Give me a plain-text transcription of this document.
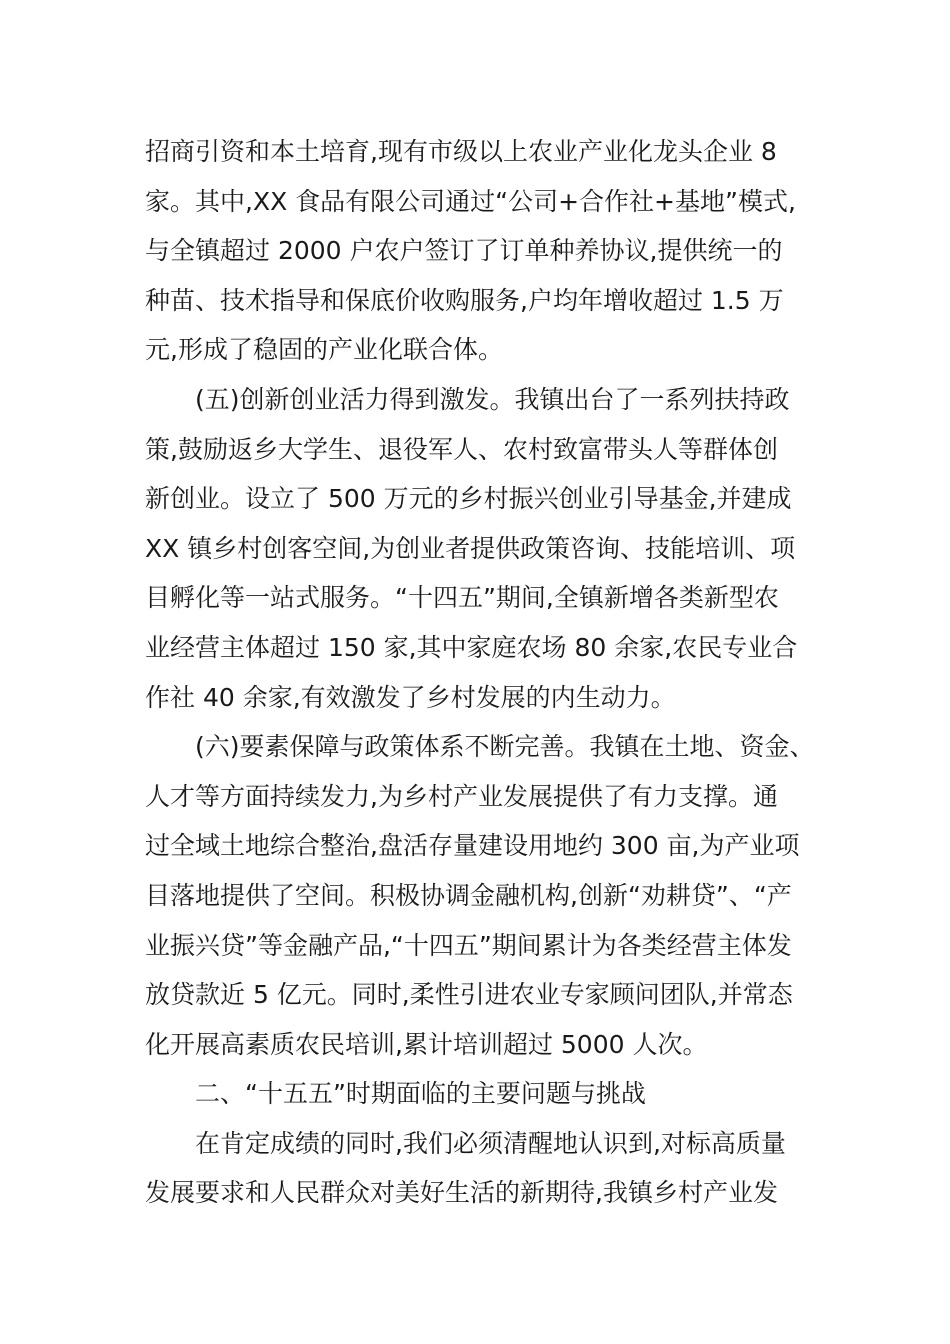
招商引资和本土培育,现有市级以上农业产业化龙头企业 8
家。其中,XX 食品有限公司通过“公司+合作社+基地”模式,
与全镇超过 2000 户农户签订了订单种养协议,提供统一的
种苗、技术指导和保底价收购服务,户均年增收超过 1.5 万
元,形成了稳固的产业化联合体。
(五)创新创业活力得到激发。我镇出台了一系列扶持政
策,鼓励返乡大学生、退役军人、农村致富带头人等群体创
新创业。设立了 500 万元的乡村振兴创业引导基金,并建成
XX 镇乡村创客空间,为创业者提供政策咨询、技能培训、项
目孵化等一站式服务。“十四五”期间,全镇新增各类新型农
业经营主体超过 150 家,其中家庭农场 80 余家,农民专业合
作社 40 余家,有效激发了乡村发展的内生动力。
(六)要素保障与政策体系不断完善。我镇在土地、资金、
人才等方面持续发力,为乡村产业发展提供了有力支撑。通
过全域土地综合整治,盘活存量建设用地约 300 亩,为产业项
目落地提供了空间。积极协调金融机构,创新“劝耕贷”、“产
业振兴贷”等金融产品,“十四五”期间累计为各类经营主体发
放贷款近 5 亿元。同时,柔性引进农业专家顾问团队,并常态
化开展高素质农民培训,累计培训超过 5000 人次。
二、“十五五”时期面临的主要问题与挑战
在肯定成绩的同时,我们必须清醒地认识到,对标高质量
发展要求和人民群众对美好生活的新期待,我镇乡村产业发
